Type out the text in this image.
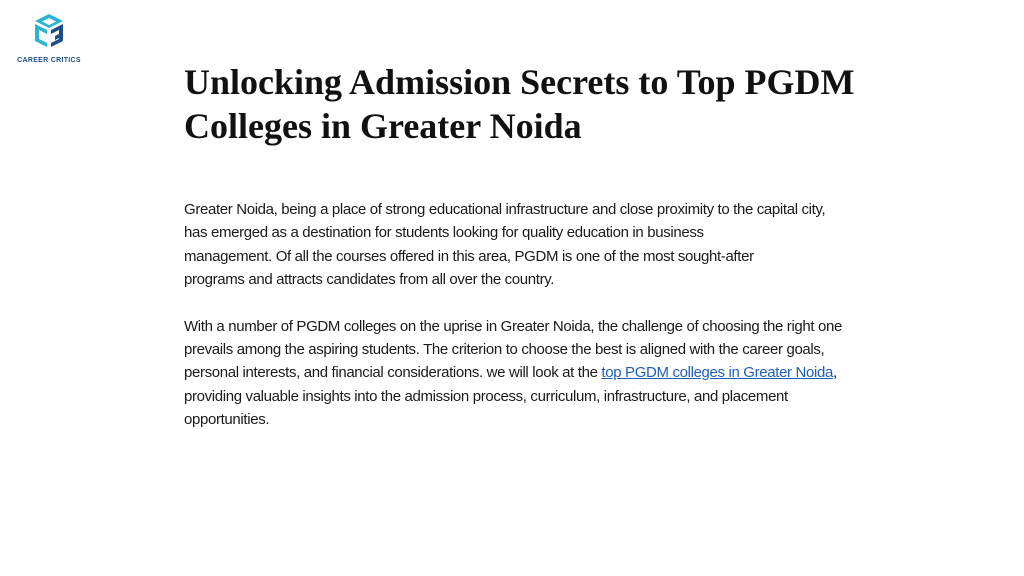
CAREER CRITICS
Unlocking Admission Secrets to Top PGDM
Colleges in Greater Noida

Greater Noida, being a place of strong educational infrastructure and close proximity to the capital city,
has emerged as a destination for students looking for quality education in business
management. Of all the courses offered in this area, PGDM is one of the most sought-after
programs and attracts candidates from all over the country.

With a number of PGDM colleges on the uprise in Greater Noida, the challenge of choosing the right one
prevails among the aspiring students. The criterion to choose the best is aligned with the career goals,
personal interests, and financial considerations. we will look at the top PGDM colleges in Greater Noida,
providing valuable insights into the admission process, curriculum, infrastructure, and placement
opportunities.
